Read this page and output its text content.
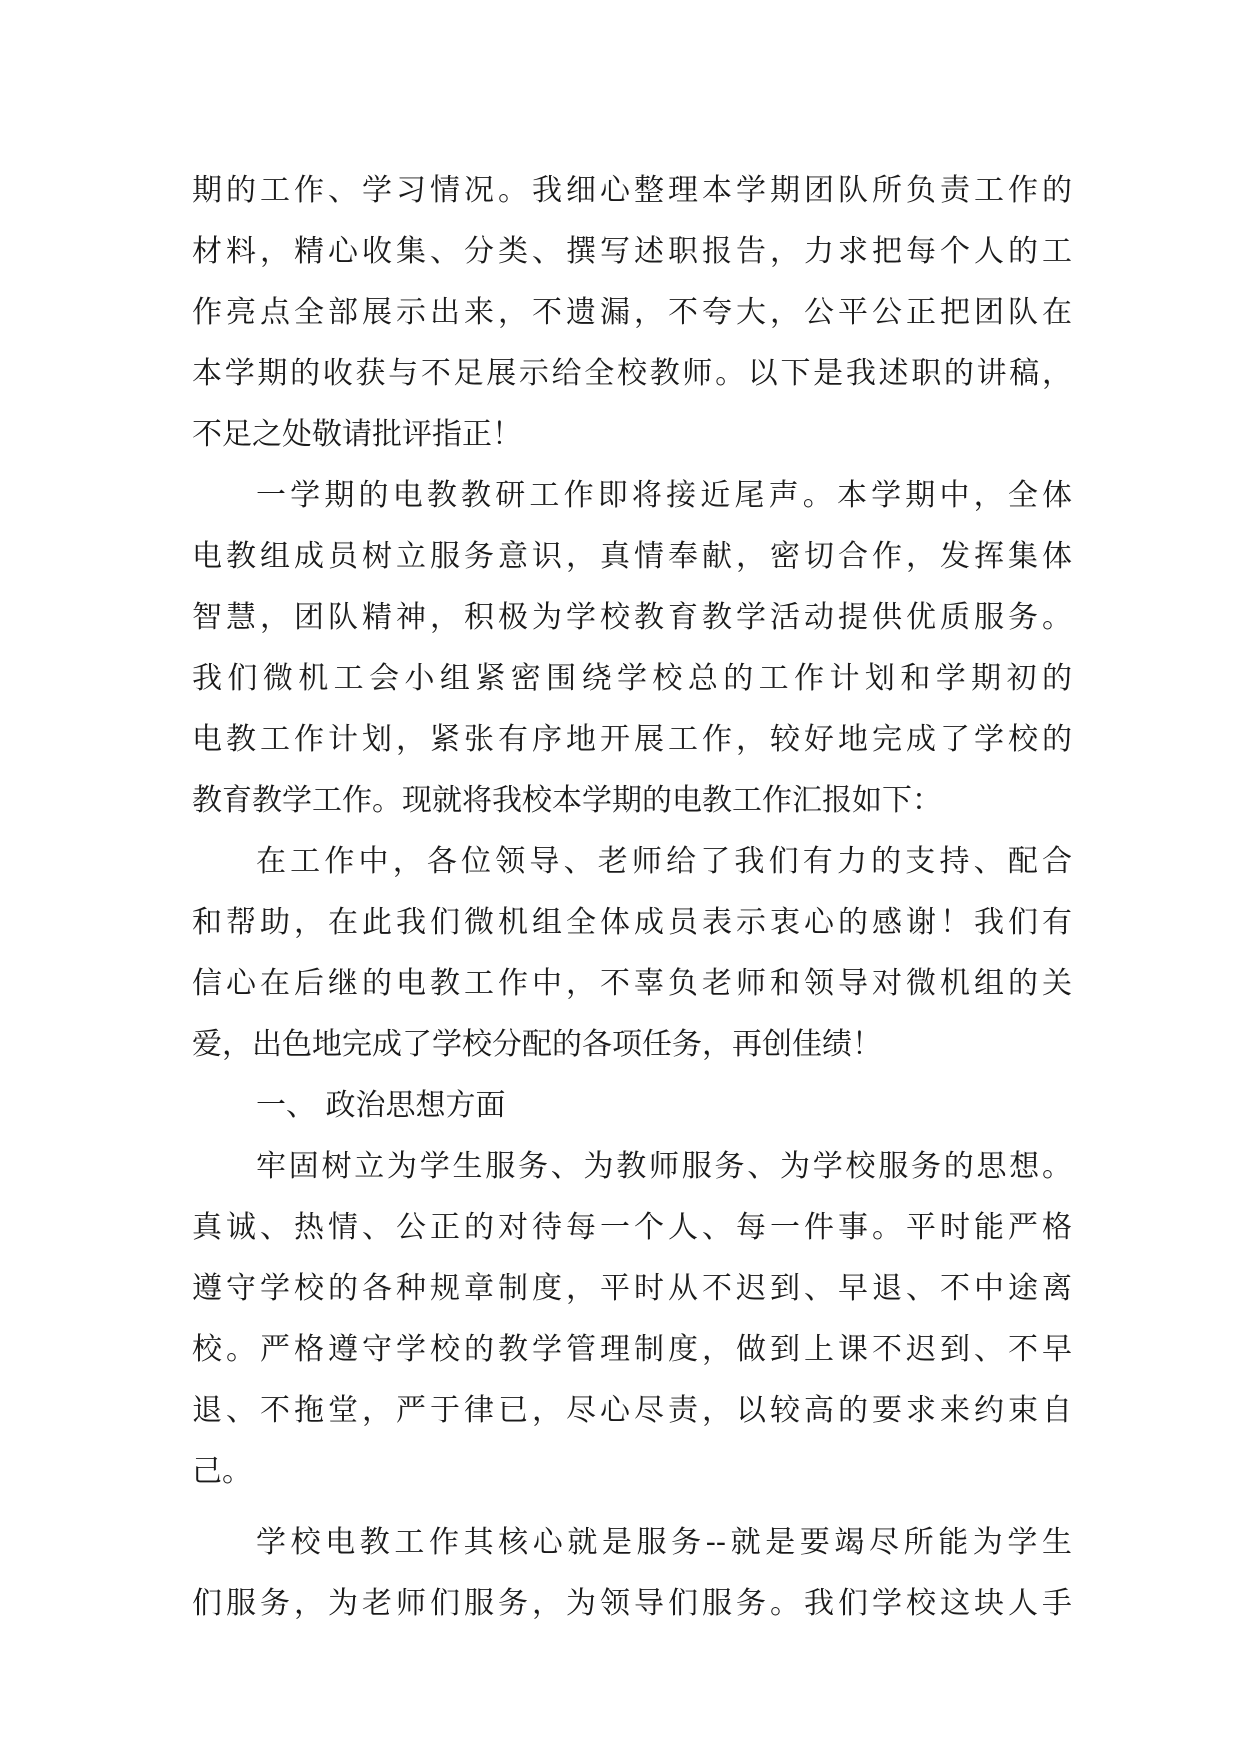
期的工作、学习情况。我细心整理本学期团队所负责工作的
材料，精心收集、分类、撰写述职报告，力求把每个人的工
作亮点全部展示出来，不遗漏，不夸大，公平公正把团队在
本学期的收获与不足展示给全校教师。以下是我述职的讲稿，
不足之处敬请批评指正！
一学期的电教教研工作即将接近尾声。本学期中，全体
电教组成员树立服务意识，真情奉献，密切合作，发挥集体
智慧，团队精神，积极为学校教育教学活动提供优质服务。
我们微机工会小组紧密围绕学校总的工作计划和学期初的
电教工作计划，紧张有序地开展工作，较好地完成了学校的
教育教学工作。现就将我校本学期的电教工作汇报如下：
在工作中，各位领导、老师给了我们有力的支持、配合
和帮助，在此我们微机组全体成员表示衷心的感谢！我们有
信心在后继的电教工作中，不辜负老师和领导对微机组的关
爱，出色地完成了学校分配的各项任务，再创佳绩！
一、 政治思想方面
牢固树立为学生服务、为教师服务、为学校服务的思想。
真诚、热情、公正的对待每一个人、每一件事。平时能严格
遵守学校的各种规章制度，平时从不迟到、早退、不中途离
校。严格遵守学校的教学管理制度，做到上课不迟到、不早
退、不拖堂，严于律已，尽心尽责，以较高的要求来约束自
己。
学校电教工作其核心就是服务--就是要竭尽所能为学生
们服务，为老师们服务，为领导们服务。我们学校这块人手
